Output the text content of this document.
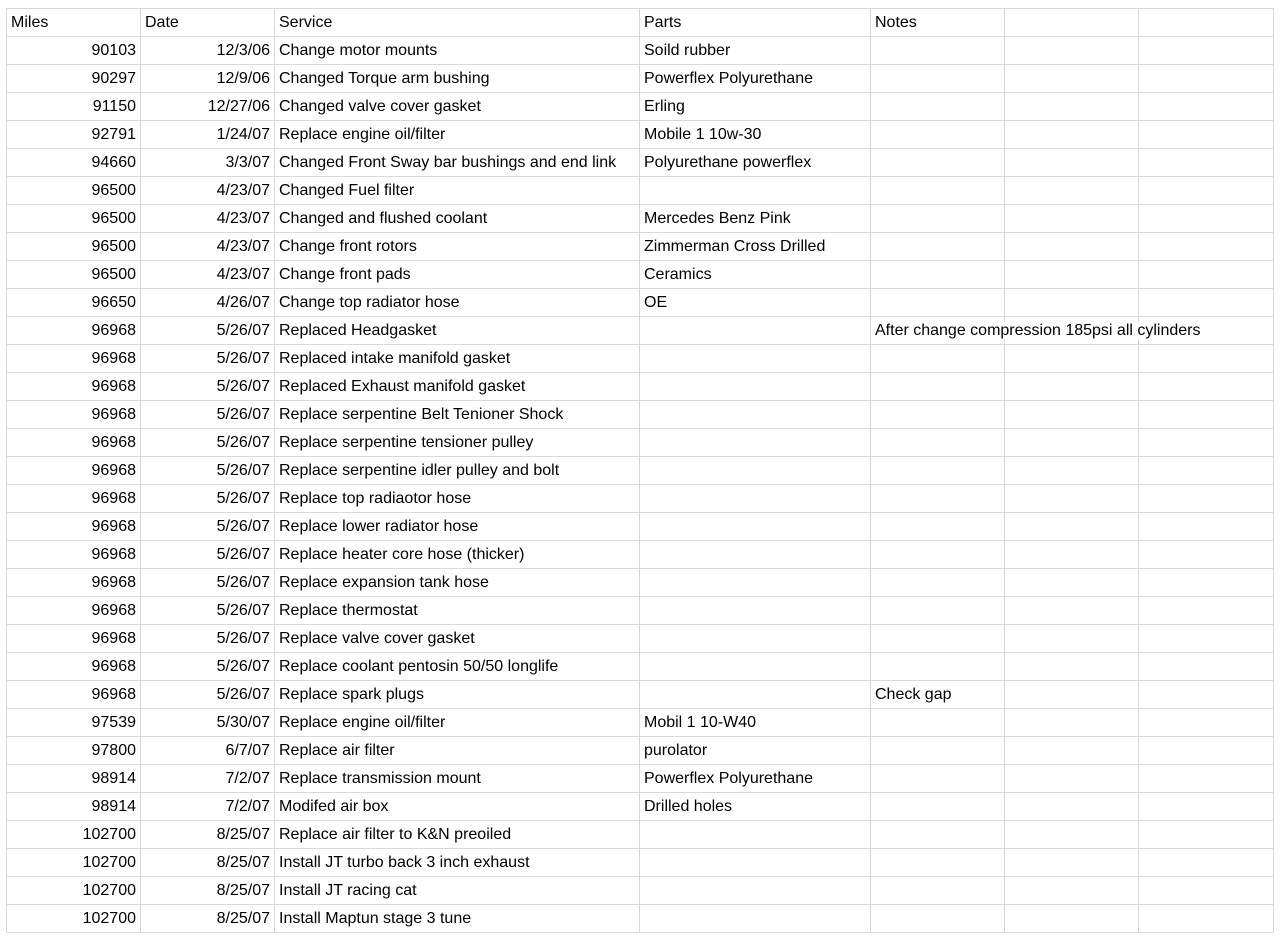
Miles	Date	Service	Parts	Notes		
90103	12/3/06	Change motor mounts	Soild rubber			
90297	12/9/06	Changed Torque arm bushing	Powerflex Polyurethane			
91150	12/27/06	Changed valve cover gasket	Erling			
92791	1/24/07	Replace engine oil/filter	Mobile 1 10w-30			
94660	3/3/07	Changed Front Sway bar bushings and end link	Polyurethane powerflex			
96500	4/23/07	Changed Fuel filter				
96500	4/23/07	Changed and flushed coolant	Mercedes Benz Pink			
96500	4/23/07	Change front rotors	Zimmerman Cross Drilled			
96500	4/23/07	Change front pads	Ceramics			
96650	4/26/07	Change top radiator hose	OE			
96968	5/26/07	Replaced Headgasket		After change compression 185psi all cylinders		
96968	5/26/07	Replaced intake manifold gasket				
96968	5/26/07	Replaced Exhaust manifold gasket				
96968	5/26/07	Replace serpentine Belt Tenioner Shock				
96968	5/26/07	Replace serpentine tensioner pulley				
96968	5/26/07	Replace serpentine idler pulley and bolt				
96968	5/26/07	Replace top radiaotor hose				
96968	5/26/07	Replace lower radiator hose				
96968	5/26/07	Replace heater core hose (thicker)				
96968	5/26/07	Replace expansion tank hose				
96968	5/26/07	Replace thermostat				
96968	5/26/07	Replace valve cover gasket				
96968	5/26/07	Replace coolant pentosin 50/50 longlife				
96968	5/26/07	Replace spark plugs		Check gap		
97539	5/30/07	Replace engine oil/filter	Mobil 1 10-W40			
97800	6/7/07	Replace air filter	purolator			
98914	7/2/07	Replace transmission mount	Powerflex Polyurethane			
98914	7/2/07	Modifed air box	Drilled holes			
102700	8/25/07	Replace air filter to K&N preoiled				
102700	8/25/07	Install JT turbo back 3 inch exhaust				
102700	8/25/07	Install JT racing cat				
102700	8/25/07	Install Maptun stage 3 tune				
